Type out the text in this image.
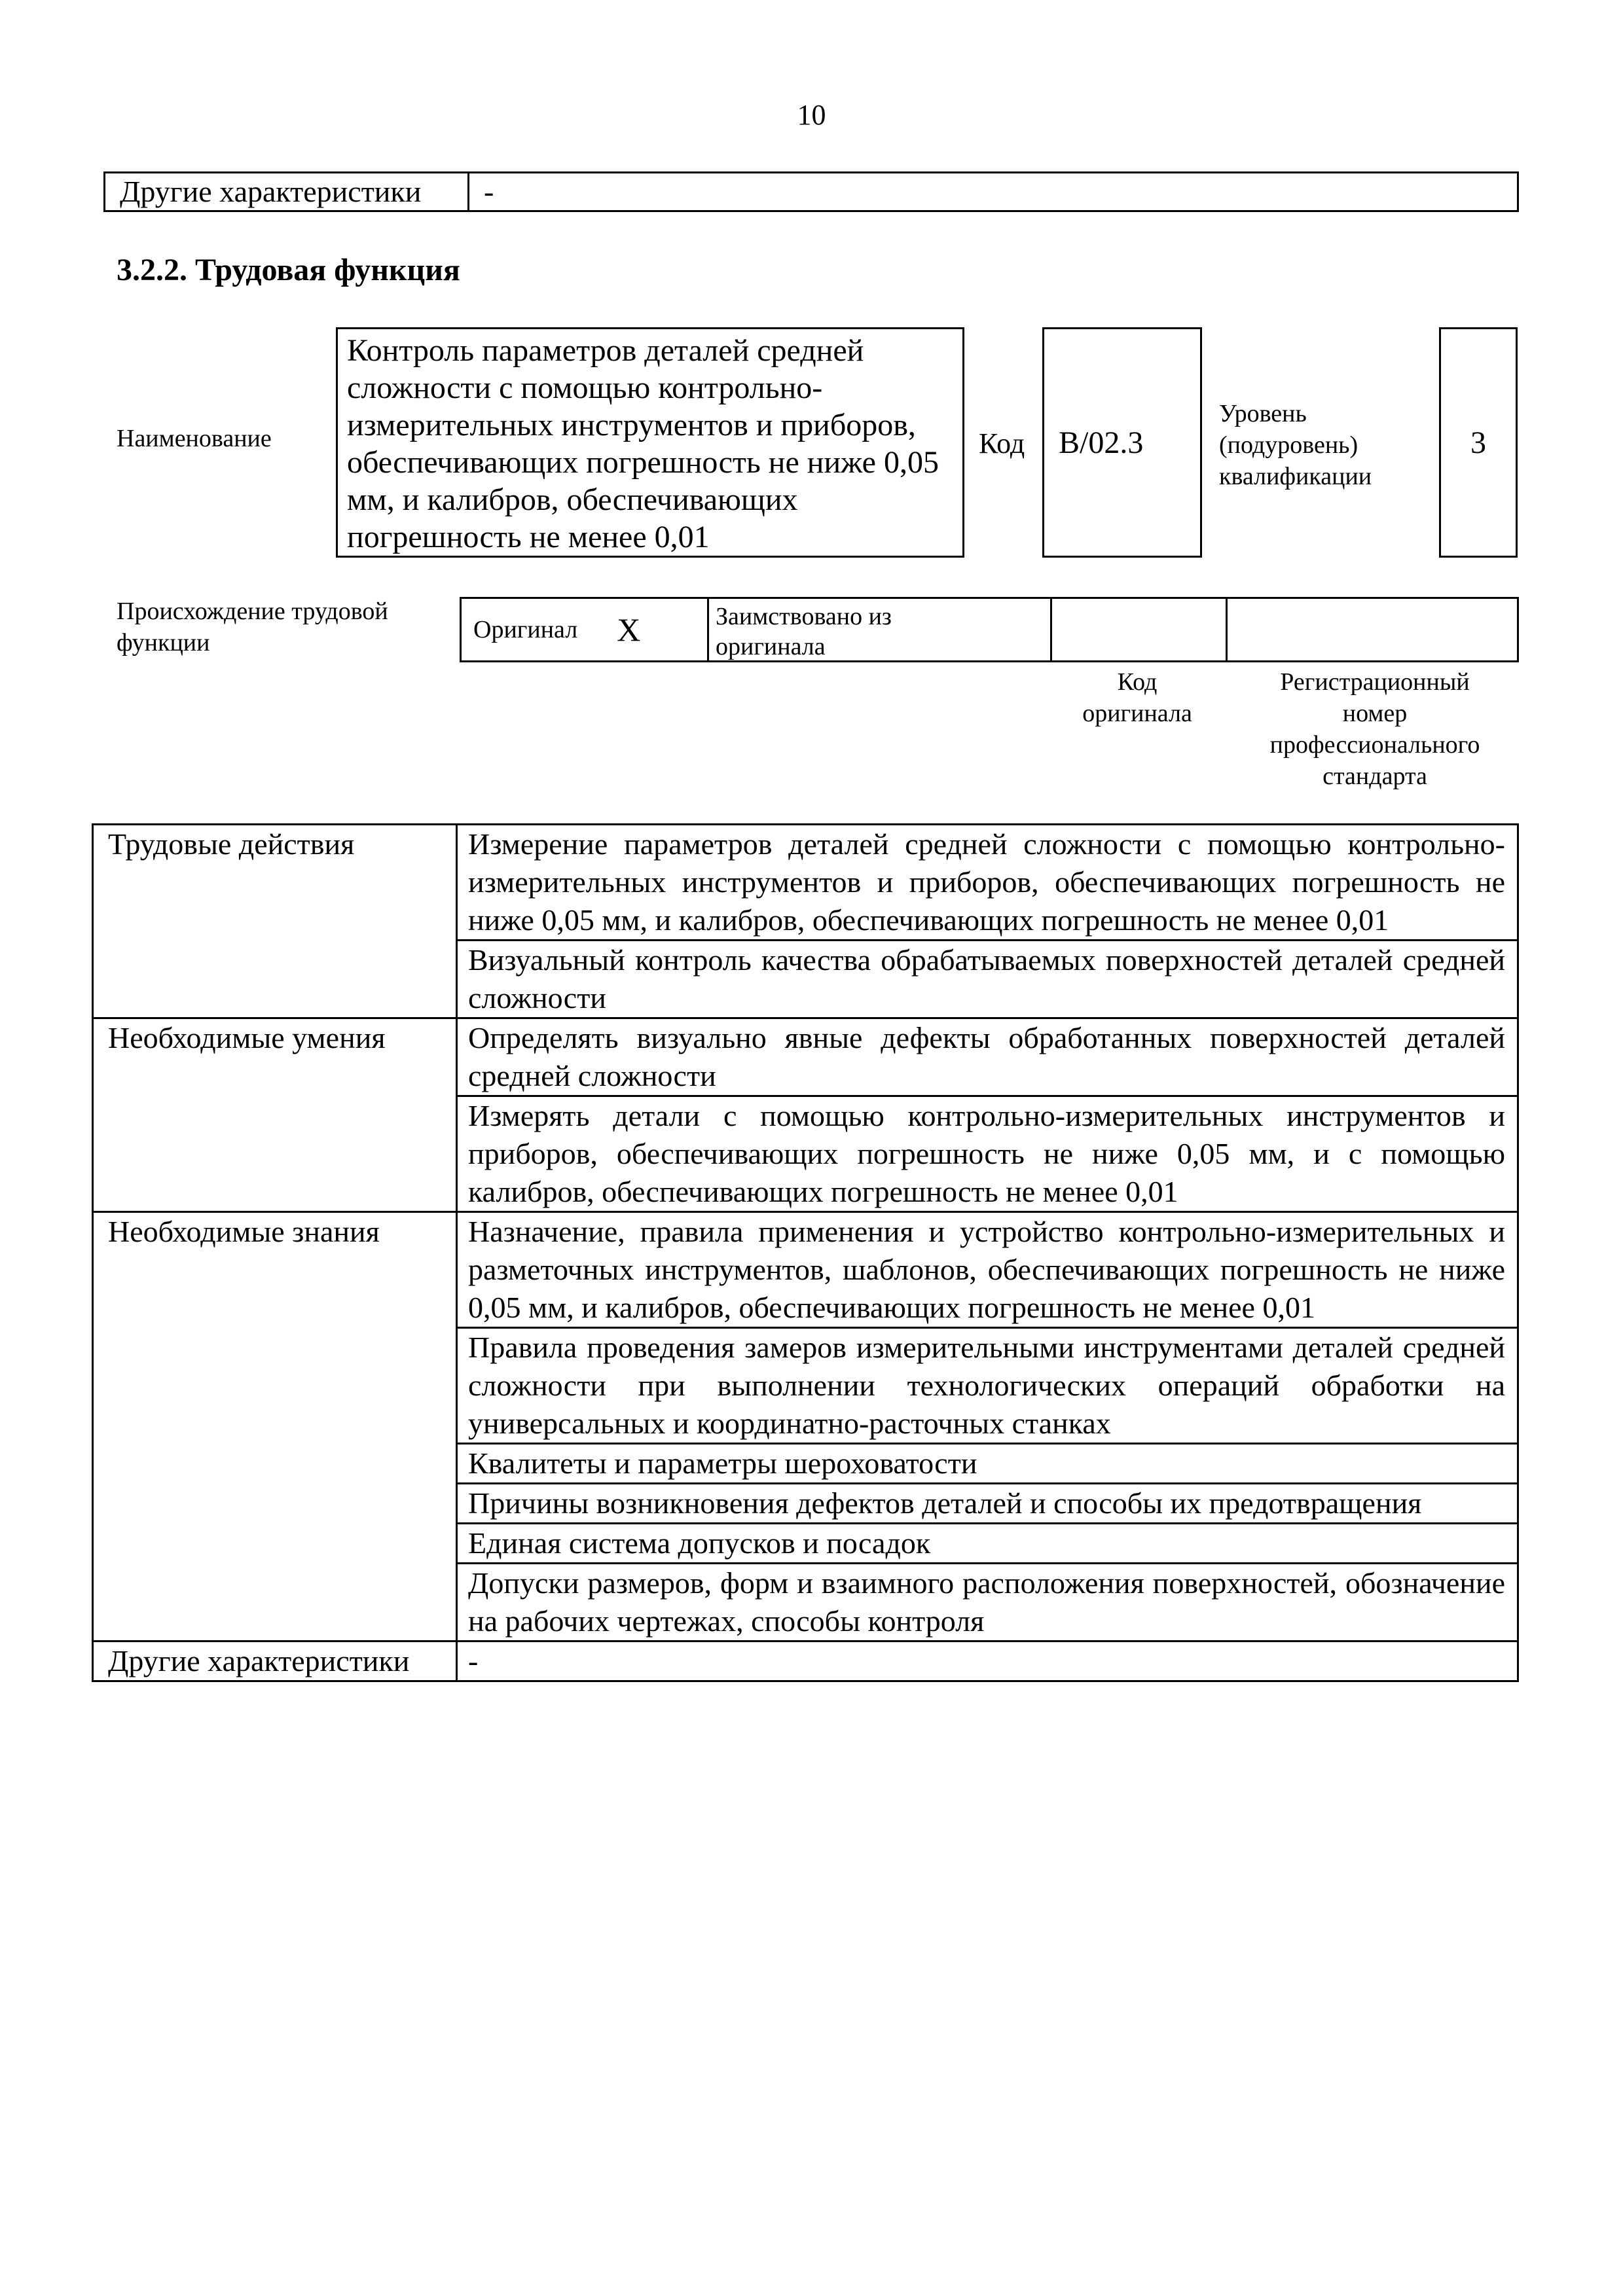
10
Другие характеристики	-
3.2.2. Трудовая функция
Наименование
Контроль параметров деталей средней сложности с помощью контрольно-измерительных инструментов и приборов, обеспечивающих погрешность не ниже 0,05 мм, и калибров, обеспечивающих погрешность не менее 0,01
Код	В/02.3
Уровень
(подуровень)
квалификации
3
Происхождение трудовой
функции	Оригинал X	Заимствовано из
оригинала
Код
оригинала
Регистрационный
номер
профессионального
стандарта
Трудовые действия	Измерение параметров деталей средней сложности с помощью контрольно-измерительных инструментов и приборов, обеспечивающих погрешность не ниже 0,05 мм, и калибров, обеспечивающих погрешность не менее 0,01
	Визуальный контроль качества обрабатываемых поверхностей деталей средней сложности
Необходимые умения	Определять визуально явные дефекты обработанных поверхностей деталей средней сложности
	Измерять детали с помощью контрольно-измерительных инструментов и приборов, обеспечивающих погрешность не ниже 0,05 мм, и с помощью калибров, обеспечивающих погрешность не менее 0,01
Необходимые знания	Назначение, правила применения и устройство контрольно-измерительных и разметочных инструментов, шаблонов, обеспечивающих погрешность не ниже 0,05 мм, и калибров, обеспечивающих погрешность не менее 0,01
	Правила проведения замеров измерительными инструментами деталей средней сложности при выполнении технологических операций обработки на универсальных и координатно-расточных станках
	Квалитеты и параметры шероховатости
	Причины возникновения дефектов деталей и способы их предотвращения
	Единая система допусков и посадок
	Допуски размеров, форм и взаимного расположения поверхностей, обозначение на рабочих чертежах, способы контроля
Другие характеристики	-
